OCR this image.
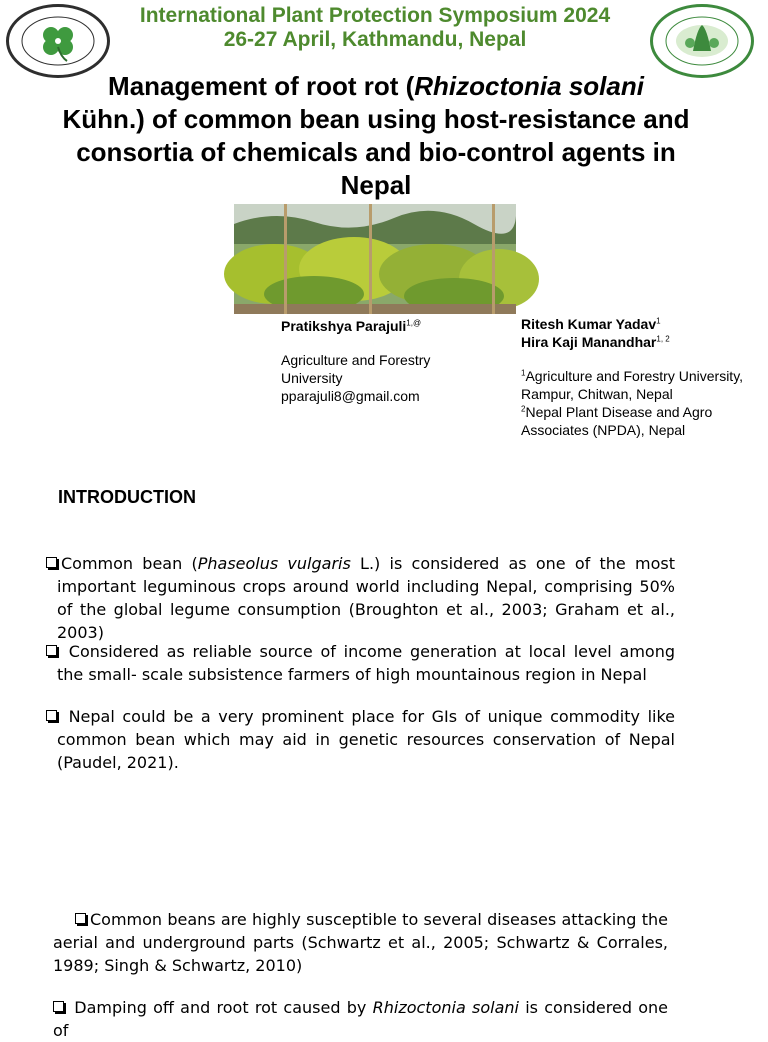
International Plant Protection Symposium 2024
26-27 April, Kathmandu, Nepal
Management of root rot (Rhizoctonia solani
Kühn.) of common bean using host-resistance and consortia of chemicals and bio-control agents in Nepal
Pratikshya Parajuli$^{1,@}$
Agriculture and Forestry
University
pparajuli8@gmail.com
Ritesh Kumar Yadav$^1$
Hira Kaji Manandhar$^{1, 2}$
$^1$Agriculture and Forestry University,
Rampur, Chitwan, Nepal
$^2$Nepal Plant Disease and Agro
Associates (NPDA), Nepal
INTRODUCTION
Common bean (Phaseolus vulgaris L.) is considered as one of the most important leguminous crops around world including Nepal, comprising 50% of the global legume consumption (Broughton et al., 2003; Graham et al., 2003)
Considered as reliable source of income generation at local level among the small- scale subsistence farmers of high mountainous region in Nepal
Nepal could be a very prominent place for GIs of unique commodity like common bean which may aid in genetic resources conservation of Nepal (Paudel, 2021).
Common beans are highly susceptible to several diseases attacking the aerial and underground parts (Schwartz et al., 2005; Schwartz & Corrales, 1989; Singh & Schwartz, 2010)
Damping off and root rot caused by Rhizoctonia solani is considered one of
